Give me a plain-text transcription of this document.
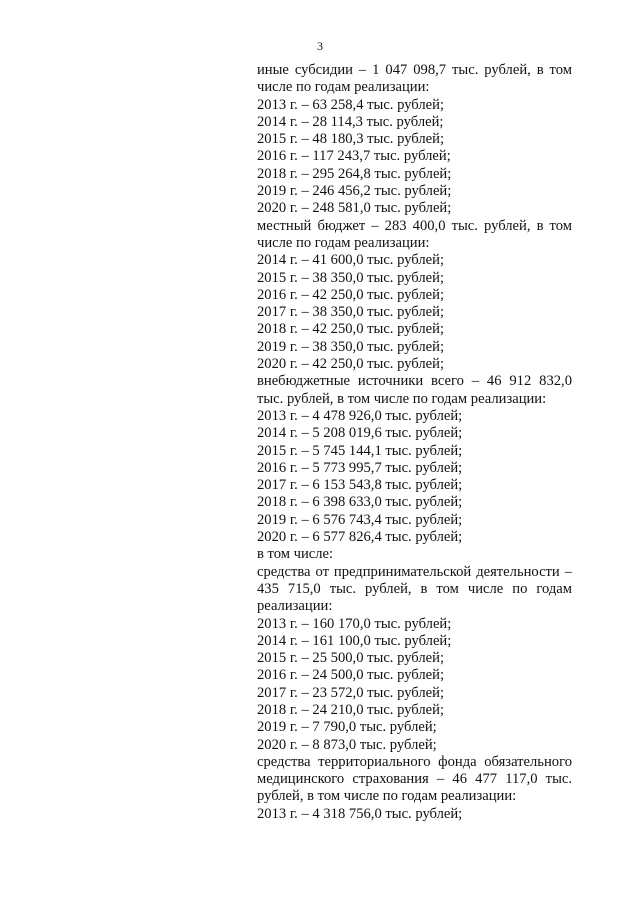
3
иные субсидии – 1 047 098,7 тыс. рублей, в том числе по годам реализации:
2013 г. – 63 258,4 тыс. рублей;
2014 г. – 28 114,3 тыс. рублей;
2015 г. – 48 180,3 тыс. рублей;
2016 г. – 117 243,7 тыс. рублей;
2018 г. – 295 264,8 тыс. рублей;
2019 г. – 246 456,2 тыс. рублей;
2020 г. – 248 581,0 тыс. рублей;
местный бюджет – 283 400,0 тыс. рублей, в том числе по годам реализации:
2014 г. – 41 600,0 тыс. рублей;
2015 г. – 38 350,0 тыс. рублей;
2016 г. – 42 250,0 тыс. рублей;
2017 г. – 38 350,0 тыс. рублей;
2018 г. – 42 250,0 тыс. рублей;
2019 г. – 38 350,0 тыс. рублей;
2020 г. – 42 250,0 тыс. рублей;
внебюджетные источники всего – 46 912 832,0 тыс. рублей, в том числе по годам реализации:
2013 г. – 4 478 926,0 тыс. рублей;
2014 г. – 5 208 019,6 тыс. рублей;
2015 г. – 5 745 144,1 тыс. рублей;
2016 г. – 5 773 995,7 тыс. рублей;
2017 г. – 6 153 543,8 тыс. рублей;
2018 г. – 6 398 633,0 тыс. рублей;
2019 г. – 6 576 743,4 тыс. рублей;
2020 г. – 6 577 826,4 тыс. рублей;
в том числе:
средства от предпринимательской деятельности – 435 715,0 тыс. рублей, в том числе по годам реализации:
2013 г. – 160 170,0 тыс. рублей;
2014 г. – 161 100,0 тыс. рублей;
2015 г. – 25 500,0 тыс. рублей;
2016 г. – 24 500,0 тыс. рублей;
2017 г. – 23 572,0 тыс. рублей;
2018 г. – 24 210,0 тыс. рублей;
2019 г. – 7 790,0 тыс. рублей;
2020 г. – 8 873,0 тыс. рублей;
средства территориального фонда обязательного медицинского страхования – 46 477 117,0 тыс. рублей, в том числе по годам реализации:
2013 г. – 4 318 756,0 тыс. рублей;
